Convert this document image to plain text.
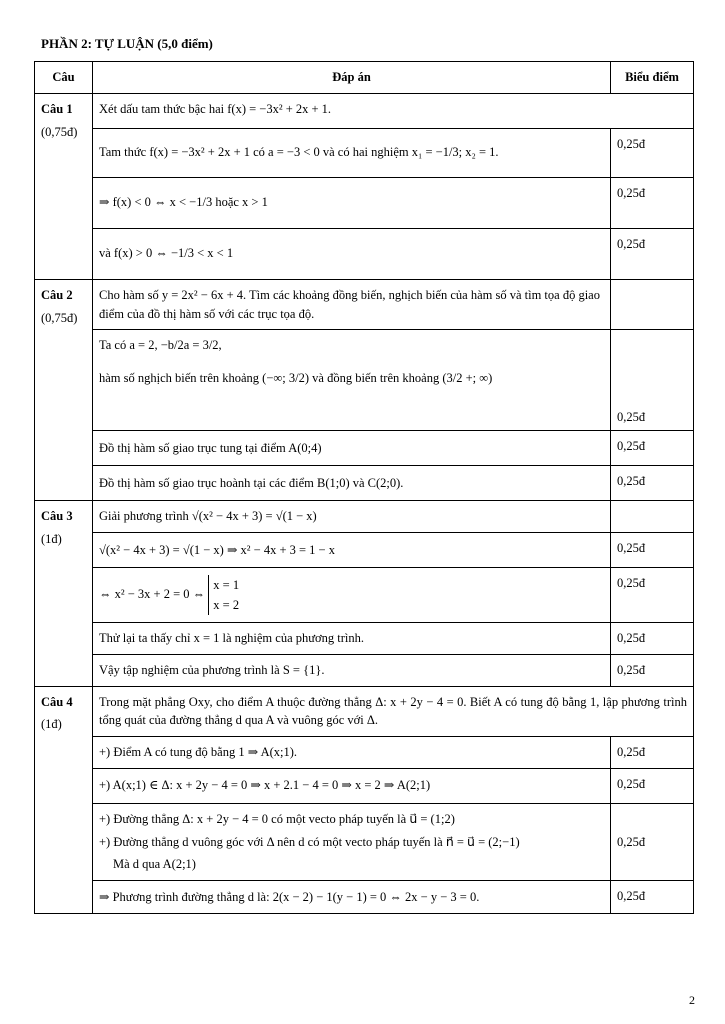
PHẦN 2: TỰ LUẬN (5,0 điểm)
Câu	Đáp án	Biểu điểm
Câu 1
(0,75đ)	Xét dấu tam thức bậc hai f(x) = −3x² + 2x + 1.	
	Tam thức f(x) = −3x² + 2x + 1 có a = −3 < 0 và có hai nghiệm x₁ = −1/3; x₂ = 1.	0,25đ
	⇒ f(x) < 0 ⇔ x < −1/3 hoặc x > 1	0,25đ
	và f(x) > 0 ⇔ −1/3 < x < 1	0,25đ
Câu 2
(0,75đ)	Cho hàm số y = 2x² − 6x + 4. Tìm các khoảng đồng biến, nghịch biến của hàm số và tìm tọa độ giao điểm của đồ thị hàm số với các trục tọa độ.	

	Ta có a = 2, −b/2a = 3/2,
hàm số nghịch biến trên khoảng (−∞; 3/2) và đồng biến trên khoảng (3/2 +; ∞)	0,25đ
	Đồ thị hàm số giao trục tung tại điểm A(0;4)	0,25đ
	Đồ thị hàm số giao trục hoành tại các điểm B(1;0) và C(2;0).	0,25đ
Câu 3
(1đ)	Giải phương trình √(x² − 4x + 3) = √(1 − x)	
	√(x² − 4x + 3) = √(1 − x) ⇒ x² − 4x + 3 = 1 − x	0,25đ
	⇔ x² − 3x + 2 = 0 ⇔
x = 1
x = 2	0,25đ
	Thử lại ta thấy chỉ x = 1 là nghiệm của phương trình.	0,25đ
	Vậy tập nghiệm của phương trình là S = {1}.	0,25đ
Câu 4
(1đ)	Trong mặt phẳng Oxy, cho điểm A thuộc đường thẳng Δ: x + 2y − 4 = 0. Biết A có tung độ bằng 1, lập phương trình tổng quát của đường thẳng d qua A và vuông góc với Δ.	
	+) Điểm A có tung độ bằng 1 ⇒ A(x;1).	0,25đ
	+) A(x;1) ∈ Δ: x + 2y − 4 = 0 ⇒ x + 2.1 − 4 = 0 ⇒ x = 2 ⇒ A(2;1)	0,25đ

	+) Đường thẳng Δ: x + 2y − 4 = 0 có một vecto pháp tuyến là u⃗ = (1;2)
+) Đường thẳng d vuông góc với Δ nên d có một vecto pháp tuyến là n⃗ = u⃗ = (2;−1)
Mà d qua A(2;1)	0,25đ
	⇒ Phương trình đường thẳng d là: 2(x − 2) − 1(y − 1) = 0 ⇔ 2x − y − 3 = 0.	0,25đ
2
